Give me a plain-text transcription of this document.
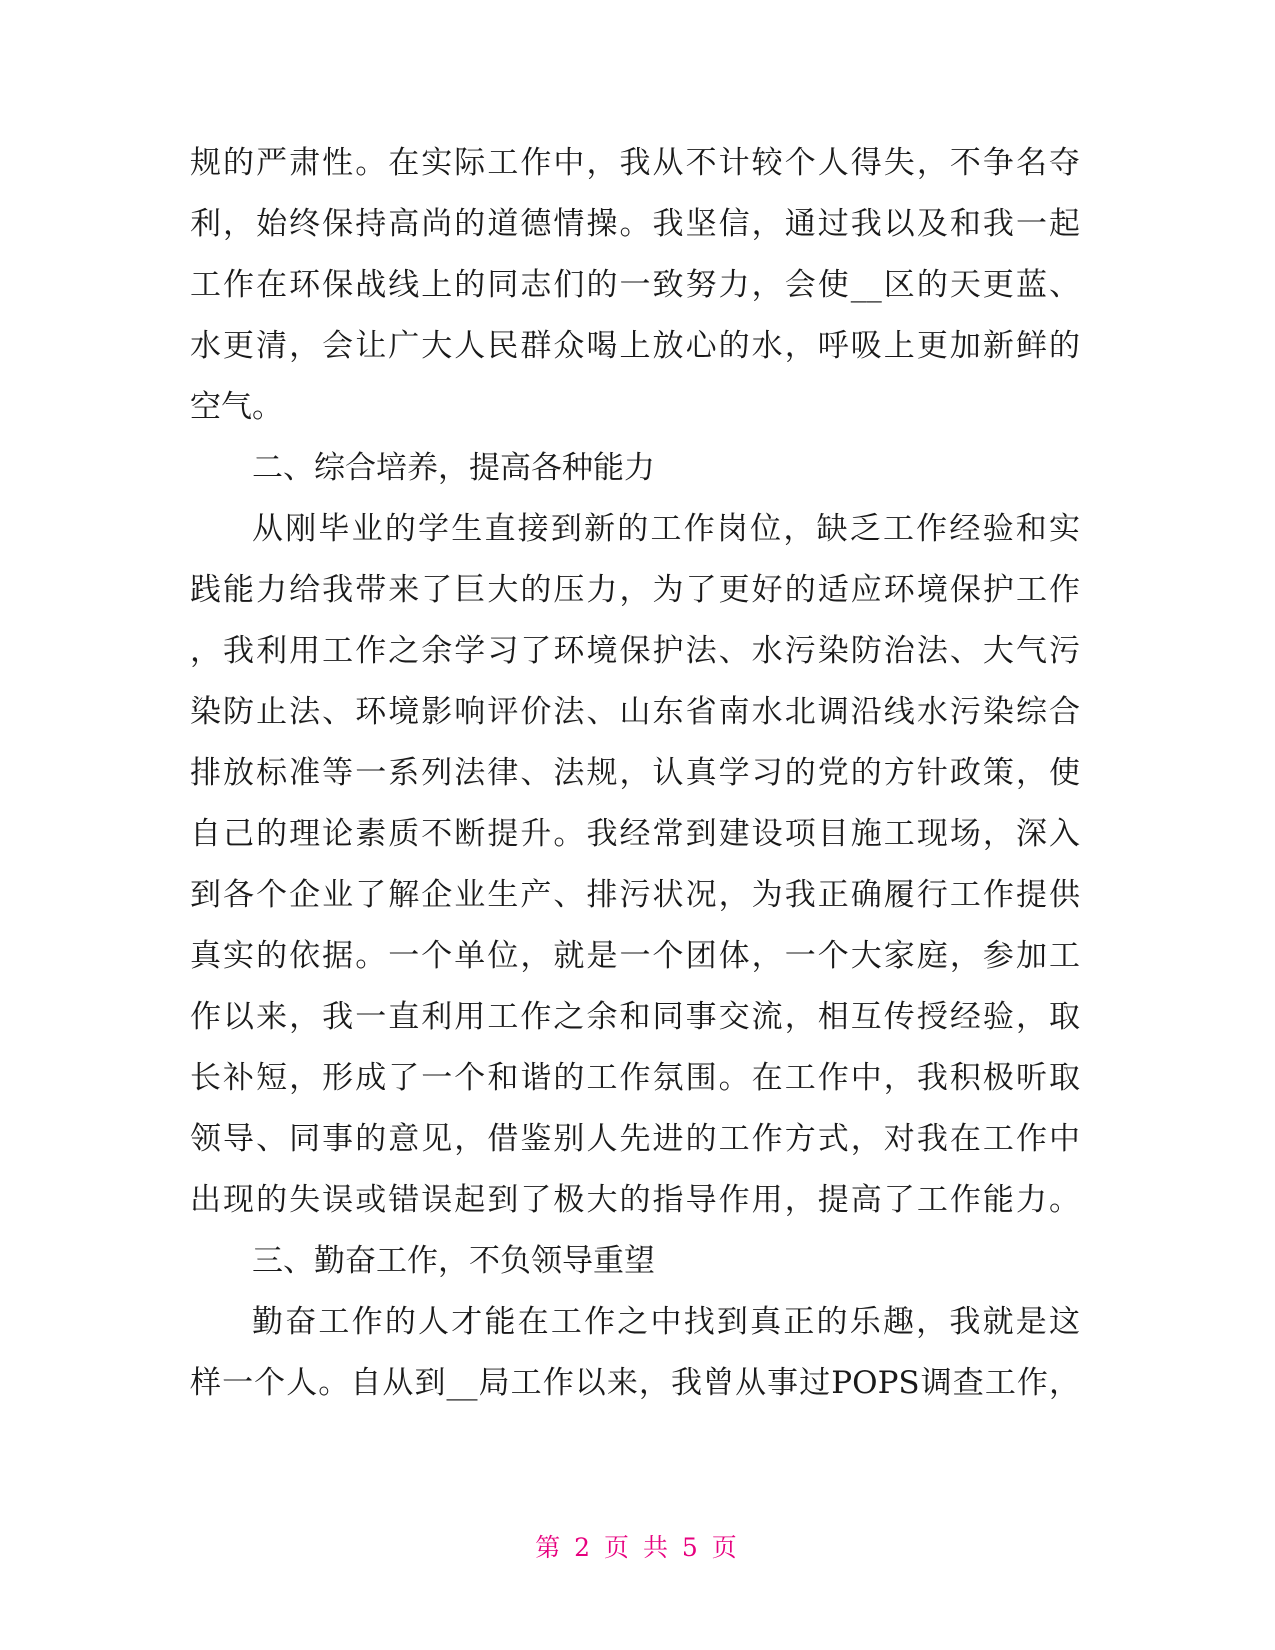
规的严肃性。在实际工作中，我从不计较个人得失，不争名夺
利，始终保持高尚的道德情操。我坚信，通过我以及和我一起
工作在环保战线上的同志们的一致努力，会使__区的天更蓝、
水更清，会让广大人民群众喝上放心的水，呼吸上更加新鲜的
空气。
二、综合培养，提高各种能力
从刚毕业的学生直接到新的工作岗位，缺乏工作经验和实
践能力给我带来了巨大的压力，为了更好的适应环境保护工作
，我利用工作之余学习了环境保护法、水污染防治法、大气污
染防止法、环境影响评价法、山东省南水北调沿线水污染综合
排放标准等一系列法律、法规，认真学习的党的方针政策，使
自己的理论素质不断提升。我经常到建设项目施工现场，深入
到各个企业了解企业生产、排污状况，为我正确履行工作提供
真实的依据。一个单位，就是一个团体，一个大家庭，参加工
作以来，我一直利用工作之余和同事交流，相互传授经验，取
长补短，形成了一个和谐的工作氛围。在工作中，我积极听取
领导、同事的意见，借鉴别人先进的工作方式，对我在工作中
出现的失误或错误起到了极大的指导作用，提高了工作能力。
三、勤奋工作，不负领导重望
勤奋工作的人才能在工作之中找到真正的乐趣，我就是这
样一个人。自从到__局工作以来，我曾从事过POPS调查工作，
第 2 页 共 5 页
